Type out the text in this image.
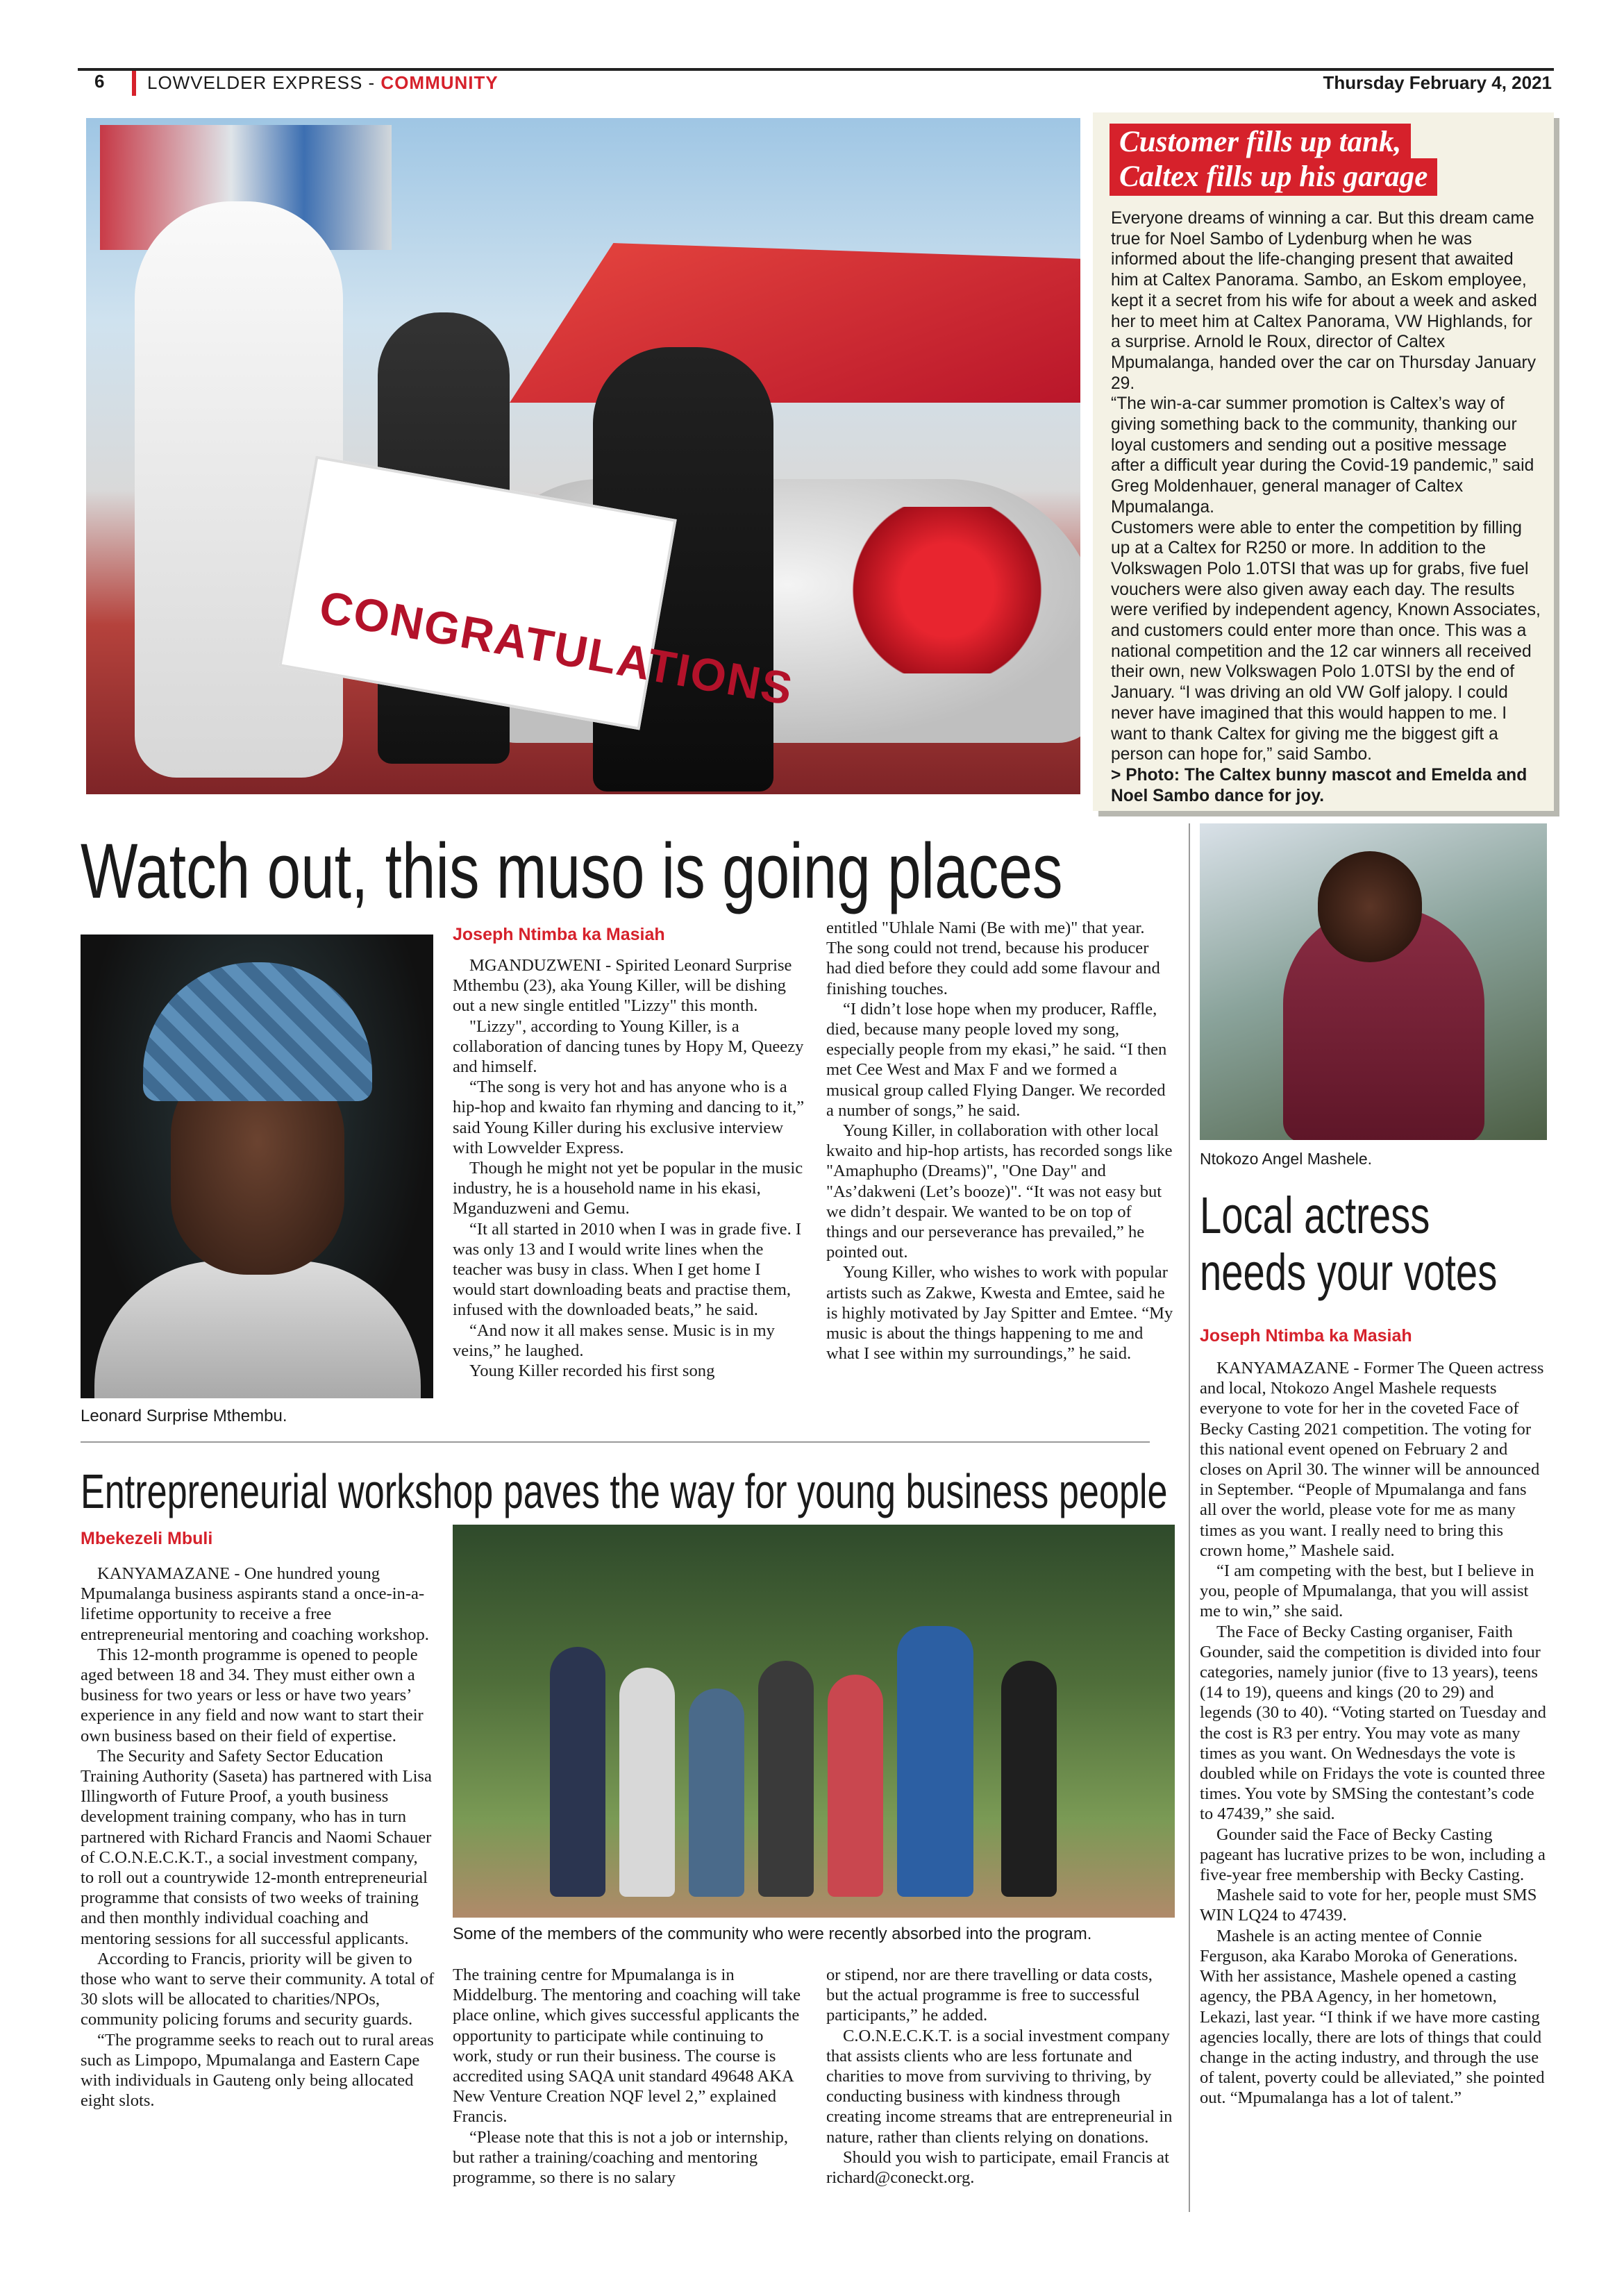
6 LOWVELDER EXPRESS - COMMUNITY	Thursday February 4, 2021
CONGRATULATIONS
Customer fills up tank,
Caltex fills up his garage

Everyone dreams of winning a car. But this dream came true for Noel Sambo of Lydenburg when he was informed about the life-changing present that awaited him at Caltex Panorama. Sambo, an Eskom employee, kept it a secret from his wife for about a week and asked her to meet him at Caltex Panorama, VW Highlands, for a surprise. Arnold le Roux, director of Caltex Mpumalanga, handed over the car on Thursday January 29.

“The win-a-car summer promotion is Caltex’s way of giving something back to the community, thanking our loyal customers and sending out a positive message after a difficult year during the Covid-19 pandemic,” said Greg Moldenhauer, general manager of Caltex Mpumalanga.

Customers were able to enter the competition by filling up at a Caltex for R250 or more. In addition to the Volkswagen Polo 1.0TSI that was up for grabs, five fuel vouchers were also given away each day. The results were verified by independent agency, Known Associates, and customers could enter more than once. This was a national competition and the 12 car winners all received their own, new Volkswagen Polo 1.0TSI by the end of January. “I was driving an old VW Golf jalopy. I could never have imagined that this would happen to me. I want to thank Caltex for giving me the biggest gift a person can hope for,” said Sambo.

> Photo: The Caltex bunny mascot and Emelda and Noel Sambo dance for joy.

Watch out, this muso is going places
Leonard Surprise Mthembu.
Joseph Ntimba ka Masiah

MGANDUZWENI - Spirited Leonard Surprise Mthembu (23), aka Young Killer, will be dishing out a new single entitled "Lizzy" this month.

"Lizzy", according to Young Killer, is a collaboration of dancing tunes by Hopy M, Queezy and himself.

“The song is very hot and has anyone who is a hip-hop and kwaito fan rhyming and dancing to it,” said Young Killer during his exclusive interview with Lowvelder Express.

Though he might not yet be popular in the music industry, he is a household name in his ekasi, Mganduzweni and Gemu.

“It all started in 2010 when I was in grade five. I was only 13 and I would write lines when the teacher was busy in class. When I get home I would start downloading beats and practise them, infused with the downloaded beats,” he said.

“And now it all makes sense. Music is in my veins,” he laughed.

Young Killer recorded his first song

entitled "Uhlale Nami (Be with me)" that year. The song could not trend, because his producer had died before they could add some flavour and finishing touches.

“I didn’t lose hope when my producer, Raffle, died, because many people loved my song, especially people from my ekasi,” he said. “I then met Cee West and Max F and we formed a musical group called Flying Danger. We recorded a number of songs,” he said.

Young Killer, in collaboration with other local kwaito and hip-hop artists, has recorded songs like "Amaphupho (Dreams)", "One Day" and "As’dakweni (Let’s booze)". “It was not easy but we didn’t despair. We wanted to be on top of things and our perseverance has prevailed,” he pointed out.

Young Killer, who wishes to work with popular artists such as Zakwe, Kwesta and Emtee, said he is highly motivated by Jay Spitter and Emtee. “My music is about the things happening to me and what I see within my surroundings,” he said.

Ntokozo Angel Mashele.
Local actress
needs your votes
Joseph Ntimba ka Masiah

KANYAMAZANE - Former The Queen actress and local, Ntokozo Angel Mashele requests everyone to vote for her in the coveted Face of Becky Casting 2021 competition. The voting for this national event opened on February 2 and closes on April 30. The winner will be announced in September. “People of Mpumalanga and fans all over the world, please vote for me as many times as you want. I really need to bring this crown home,” Mashele said.

“I am competing with the best, but I believe in you, people of Mpumalanga, that you will assist me to win,” she said.

The Face of Becky Casting organiser, Faith Gounder, said the competition is divided into four categories, namely junior (five to 13 years), teens (14 to 19), queens and kings (20 to 29) and legends (30 to 40). “Voting started on Tuesday and the cost is R3 per entry. You may vote as many times as you want. On Wednesdays the vote is doubled while on Fridays the vote is counted three times. You vote by SMSing the contestant’s code to 47439,” she said.

Gounder said the Face of Becky Casting pageant has lucrative prizes to be won, including a five-year free membership with Becky Casting.

Mashele said to vote for her, people must SMS WIN LQ24 to 47439.

Mashele is an acting mentee of Connie Ferguson, aka Karabo Moroka of Generations. With her assistance, Mashele opened a casting agency, the PBA Agency, in her hometown, Lekazi, last year. “I think if we have more casting agencies locally, there are lots of things that could change in the acting industry, and through the use of talent, poverty could be alleviated,” she pointed out. “Mpumalanga has a lot of talent.”

Entrepreneurial workshop paves the way for young business people
Mbekezeli Mbuli
Some of the members of the community who were recently absorbed into the program.

KANYAMAZANE - One hundred young Mpumalanga business aspirants stand a once-in-a-lifetime opportunity to receive a free entrepreneurial mentoring and coaching workshop.

This 12-month programme is opened to people aged between 18 and 34. They must either own a business for two years or less or have two years’ experience in any field and now want to start their own business based on their field of expertise.

The Security and Safety Sector Education Training Authority (Saseta) has partnered with Lisa Illingworth of Future Proof, a youth business development training company, who has in turn partnered with Richard Francis and Naomi Schauer of C.O.N.E.C.K.T., a social investment company, to roll out a countrywide 12-month entrepreneurial programme that consists of two weeks of training and then monthly individual coaching and mentoring sessions for all successful applicants.

According to Francis, priority will be given to those who want to serve their community. A total of 30 slots will be allocated to charities/NPOs, community policing forums and security guards.

“The programme seeks to reach out to rural areas such as Limpopo, Mpumalanga and Eastern Cape with individuals in Gauteng only being allocated eight slots.

The training centre for Mpumalanga is in Middelburg. The mentoring and coaching will take place online, which gives successful applicants the opportunity to participate while continuing to work, study or run their business. The course is accredited using SAQA unit standard 49648 AKA New Venture Creation NQF level 2,” explained Francis.

“Please note that this is not a job or internship, but rather a training/coaching and mentoring programme, so there is no salary

or stipend, nor are there travelling or data costs, but the actual programme is free to successful participants,” he added.

C.O.N.E.C.K.T. is a social investment company that assists clients who are less fortunate and charities to move from surviving to thriving, by conducting business with kindness through creating income streams that are entrepreneurial in nature, rather than clients relying on donations.

Should you wish to participate, email Francis at richard@coneckt.org.
